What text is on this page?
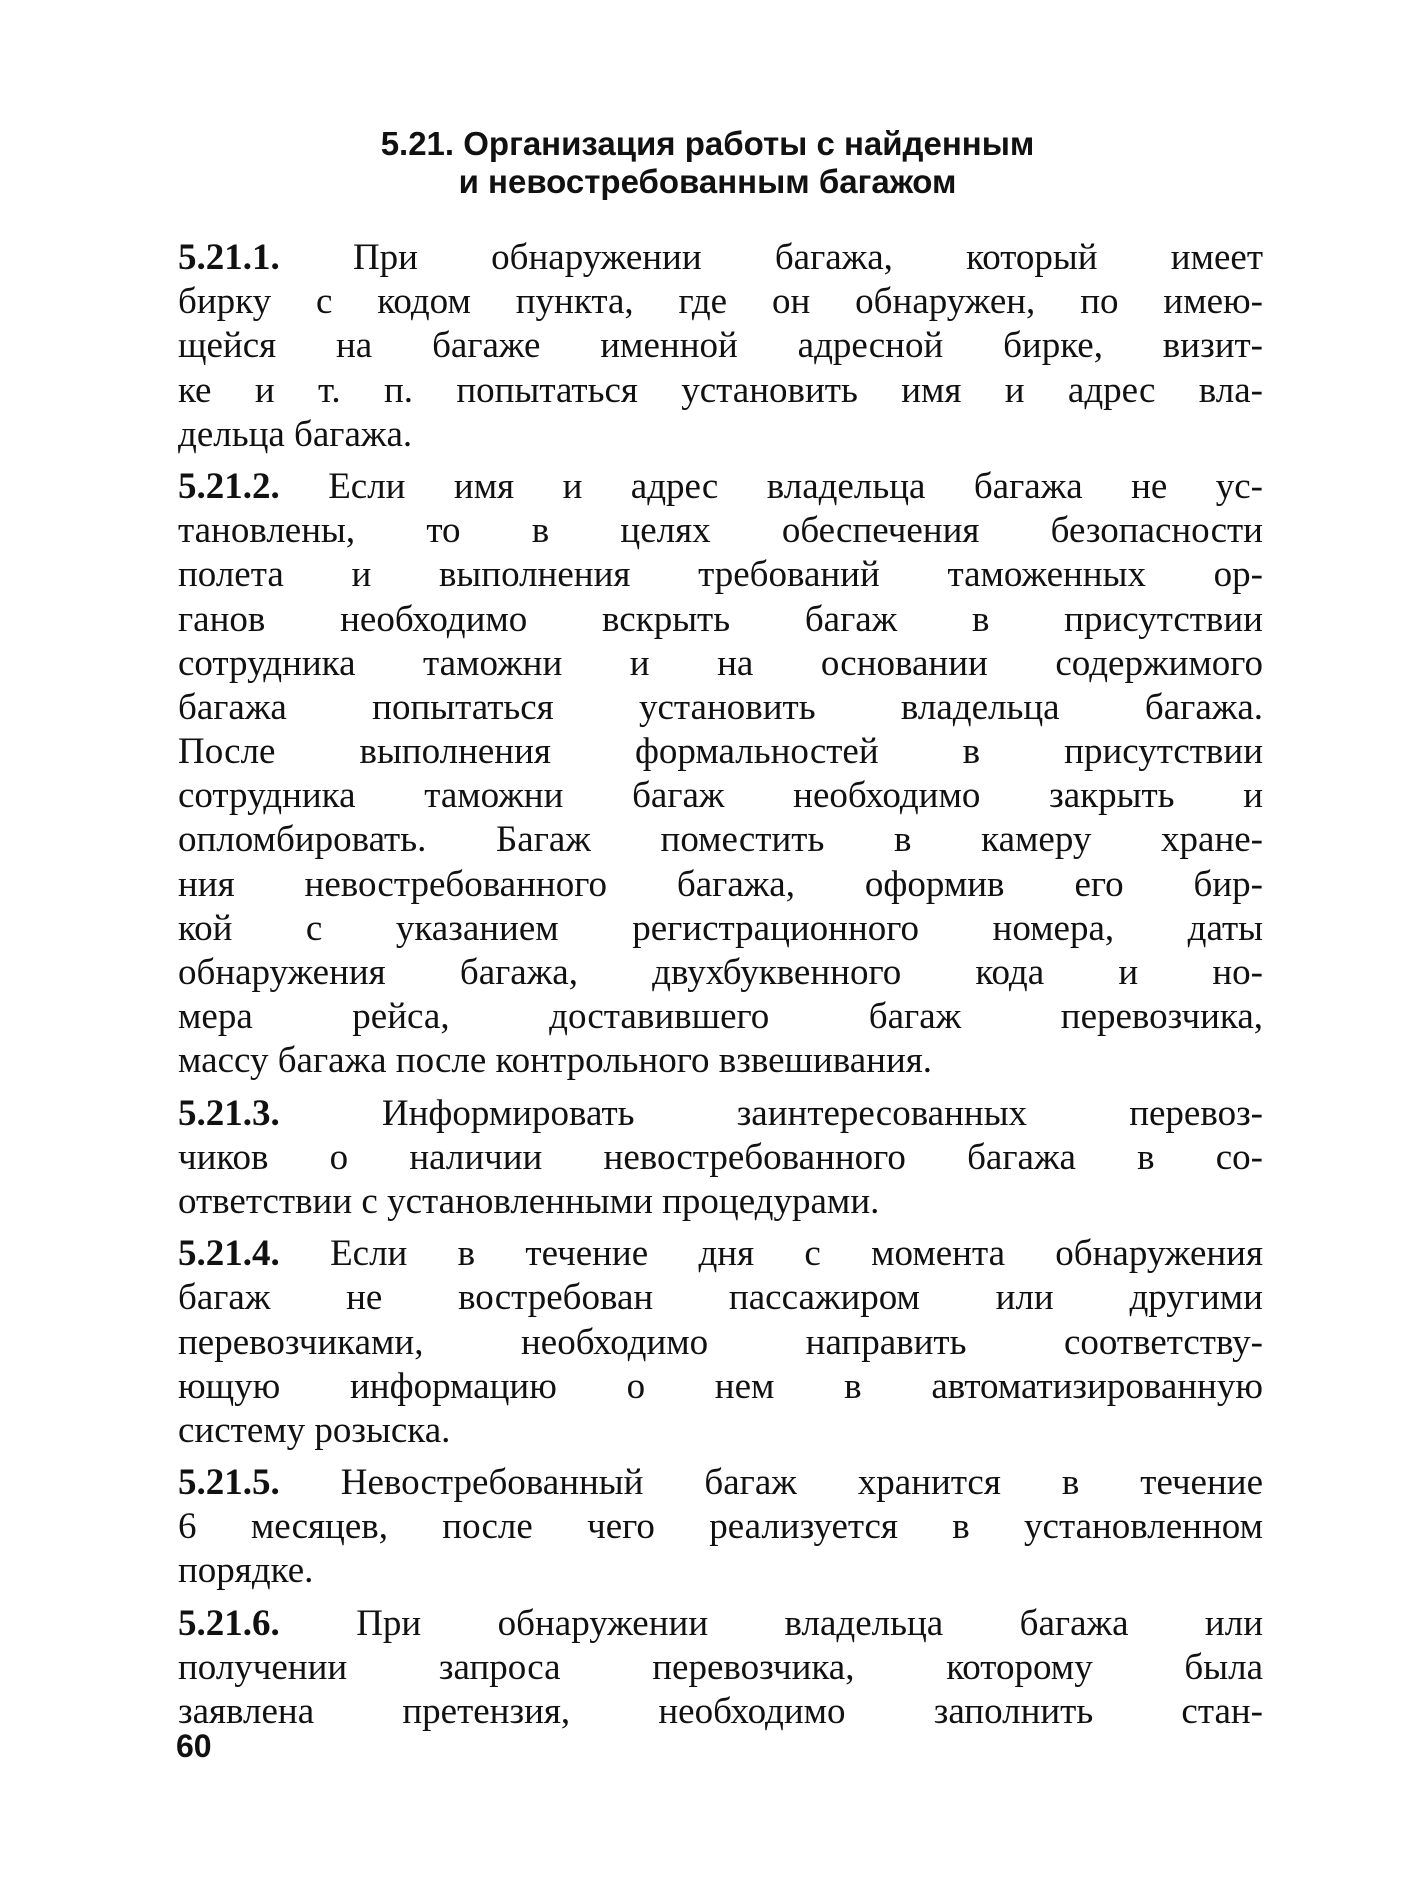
5.21. Организация работы с найденным
и невостребованным багажом
5.21.1. При обнаружении багажа, который имеет
бирку с кодом пункта, где он обнаружен, по имею-
щейся на багаже именной адресной бирке, визит-
ке и т. п. попытаться установить имя и адрес вла-
дельца багажа.
5.21.2. Если имя и адрес владельца багажа не ус-
тановлены, то в целях обеспечения безопасности
полета и выполнения требований таможенных ор-
ганов необходимо вскрыть багаж в присутствии
сотрудника таможни и на основании содержимого
багажа попытаться установить владельца багажа.
После выполнения формальностей в присутствии
сотрудника таможни багаж необходимо закрыть и
опломбировать. Багаж поместить в камеру хране-
ния невостребованного багажа, оформив его бир-
кой с указанием регистрационного номера, даты
обнаружения багажа, двухбуквенного кода и но-
мера рейса, доставившего багаж перевозчика,
массу багажа после контрольного взвешивания.
5.21.3.	Информировать заинтересованных перевоз-
чиков о наличии невостребованного багажа в со-
ответствии с установленными процедурами.
5.21.4. Если в течение дня с момента обнаружения
багаж не востребован пассажиром или другими
перевозчиками, необходимо направить соответству-
ющую информацию о нем в автоматизированную
систему розыска.
5.21.5. Невостребованный багаж хранится в течение
6 месяцев, после чего реализуется в установленном
порядке.
5.21.6. При обнаружении владельца багажа или
получении запроса перевозчика, которому была
заявлена претензия, необходимо заполнить стан-
60
